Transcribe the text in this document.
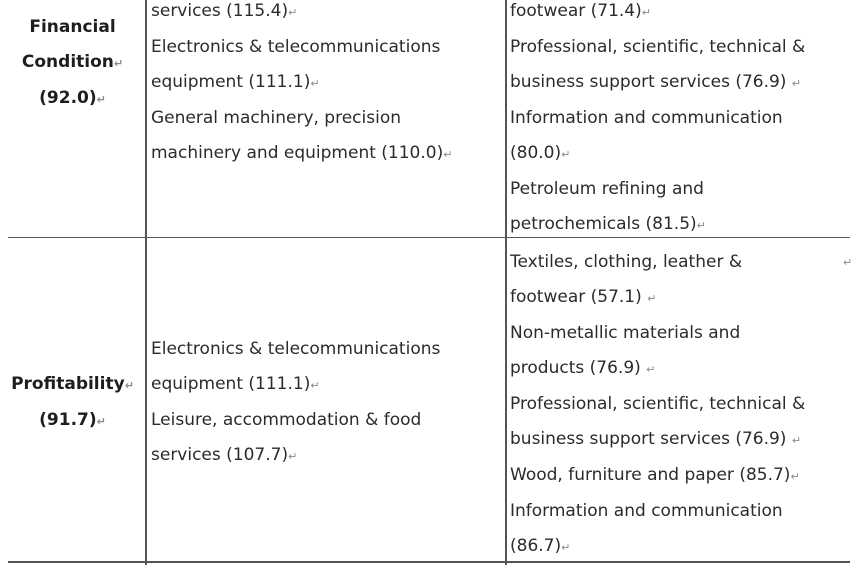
Financial
Condition↵
(92.0)↵
services (115.4)↵
Electronics & telecommunications
equipment (111.1)↵
General machinery, precision
machinery and equipment (110.0)↵
footwear (71.4)↵
Professional, scientific, technical &
business support services (76.9) ↵
Information and communication
(80.0)↵
Petroleum refining and
petrochemicals (81.5)↵
Profitability↵
(91.7)↵
Electronics & telecommunications
equipment (111.1)↵
Leisure, accommodation & food
services (107.7)↵
Textiles, clothing, leather &
footwear (57.1) ↵
Non-metallic materials and
products (76.9) ↵
Professional, scientific, technical &
business support services (76.9) ↵
Wood, furniture and paper (85.7)↵
Information and communication
(86.7)↵
↵
